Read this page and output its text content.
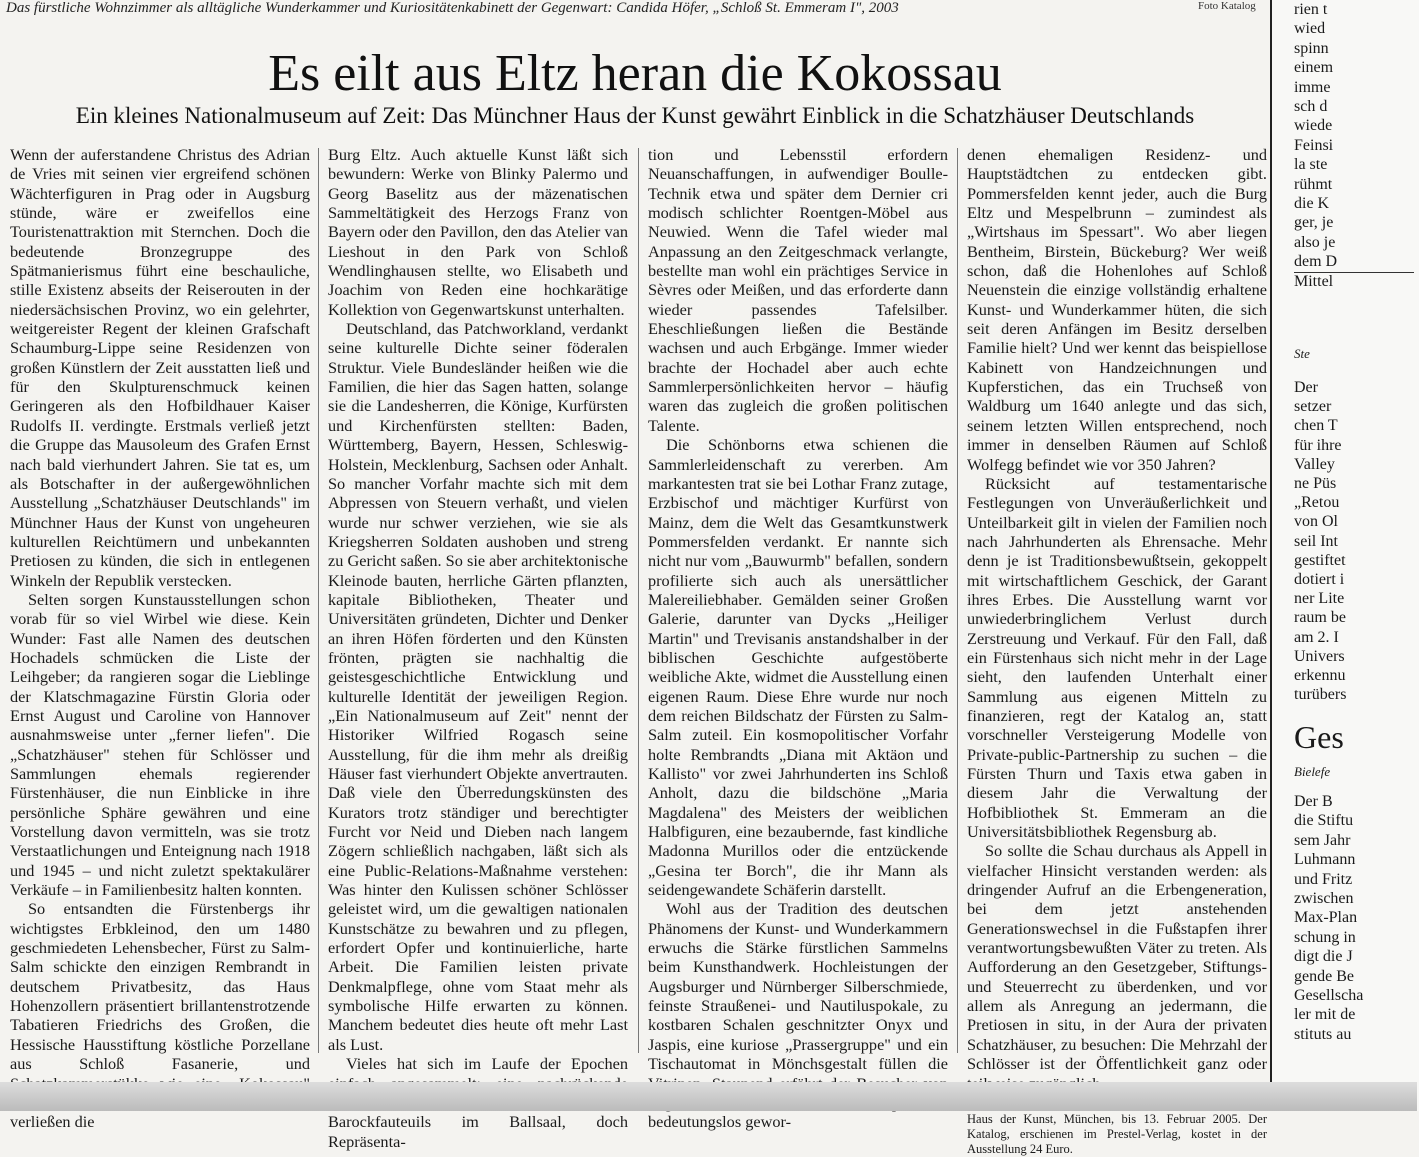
Das fürstliche Wohnzimmer als alltägliche Wunderkammer und Kuriositätenkabinett der Gegenwart: Candida Höfer, „Schloß St. Emmeram I", 2003	Foto Katalog
Es eilt aus Eltz heran die Kokossau
Ein kleines Nationalmuseum auf Zeit: Das Münchner Haus der Kunst gewährt Einblick in die Schatzhäuser Deutschlands

Wenn der auferstandene Christus des Adrian de Vries mit seinen vier ergreifend schönen Wächterfiguren in Prag oder in Augsburg stünde, wäre er zweifellos eine Touristenattraktion mit Sternchen. Doch die bedeutende Bronzegruppe des Spätmanierismus führt eine beschauliche, stille Existenz abseits der Reiserouten in der niedersächsischen Provinz, wo ein gelehrter, weitgereister Regent der kleinen Grafschaft Schaumburg-Lippe seine Residenzen von großen Künstlern der Zeit ausstatten ließ und für den Skulpturenschmuck keinen Geringeren als den Hofbildhauer Kaiser Rudolfs II. verdingte. Erstmals verließ jetzt die Gruppe das Mausoleum des Grafen Ernst nach bald vierhundert Jahren. Sie tat es, um als Botschafter in der außergewöhnlichen Ausstellung „Schatzhäuser Deutschlands" im Münchner Haus der Kunst von ungeheuren kulturellen Reichtümern und unbekannten Pretiosen zu künden, die sich in entlegenen Winkeln der Republik verstecken.

Selten sorgen Kunstausstellungen schon vorab für so viel Wirbel wie diese. Kein Wunder: Fast alle Namen des deutschen Hochadels schmücken die Liste der Leihgeber; da rangieren sogar die Lieblinge der Klatschmagazine Fürstin Gloria oder Ernst August und Caroline von Hannover ausnahmsweise unter „ferner liefen". Die „Schatzhäuser" stehen für Schlösser und Sammlungen ehemals regierender Fürstenhäuser, die nun Einblicke in ihre persönliche Sphäre gewähren und eine Vorstellung davon vermitteln, was sie trotz Verstaatlichungen und Enteignung nach 1918 und 1945 – und nicht zuletzt spektakulärer Verkäufe – in Familienbesitz halten konnten.

So entsandten die Fürstenbergs ihr wichtigstes Erbkleinod, den um 1480 geschmiedeten Lehensbecher, Fürst zu Salm-Salm schickte den einzigen Rembrandt in deutschem Privatbesitz, das Haus Hohenzollern präsentiert brillantenstrotzende Tabatieren Friedrichs des Großen, die Hessische Hausstiftung köstliche Porzellane aus Schloß Fasanerie, und verließen die

Burg Eltz. Auch aktuelle Kunst läßt sich bewundern: Werke von Blinky Palermo und Georg Baselitz aus der mäzenatischen Sammeltätigkeit des Herzogs Franz von Bayern oder den Pavillon, den das Atelier van Lieshout in den Park von Schloß Wendlinghausen stellte, wo Elisabeth und Joachim von Reden eine hochkarätige Kollektion von Gegenwartskunst unterhalten.

Deutschland, das Patchworkland, verdankt seine kulturelle Dichte seiner föderalen Struktur. Viele Bundesländer heißen wie die Familien, die hier das Sagen hatten, solange sie die Landesherren, die Könige, Kurfürsten und Kirchenfürsten stellten: Baden, Württemberg, Bayern, Hessen, Schleswig-Holstein, Mecklenburg, Sachsen oder Anhalt. So mancher Vorfahr machte sich mit dem Abpressen von Steuern verhaßt, und vielen wurde nur schwer verziehen, wie sie als Kriegsherren Soldaten aushoben und streng zu Gericht saßen. So sie aber architektonische Kleinode bauten, herrliche Gärten pflanzten, kapitale Bibliotheken, Theater und Universitäten gründeten, Dichter und Denker an ihren Höfen förderten und den Künsten frönten, prägten sie nachhaltig die geistesgeschichtliche Entwicklung und kulturelle Identität der jeweiligen Region. „Ein Nationalmuseum auf Zeit" nennt der Historiker Wilfried Rogasch seine Ausstellung, für die ihm mehr als dreißig Häuser fast vierhundert Objekte anvertrauten. Daß viele den Überredungskünsten des Kurators trotz ständiger und berechtigter Furcht vor Neid und Dieben nach langem Zögern schließlich nachgaben, läßt sich als eine Public-Relations-Maßnahme verstehen: Was hinter den Kulissen schöner Schlösser geleistet wird, um die gewaltigen nationalen Kunstschätze zu bewahren und zu pflegen, erfordert Opfer und kontinuierliche, harte Arbeit. Die Familien leisten private Denkmalpflege, ohne vom Staat mehr als symbolische Hilfe erwarten zu können. Manchem bedeutet dies heute oft mehr Last als Lust.

Vieles hat sich im Laufe der Epochen Barockfauteuils im Ballsaal, doch Repräsenta-

tion und Lebensstil erfordern Neuanschaffungen, in aufwendiger Boulle-Technik etwa und später dem Dernier cri modisch schlichter Roentgen-Möbel aus Neuwied. Wenn die Tafel wieder mal Anpassung an den Zeitgeschmack verlangte, bestellte man wohl ein prächtiges Service in Sèvres oder Meißen, und das erforderte dann wieder passendes Tafelsilber. Eheschließungen ließen die Bestände wachsen und auch Erbgänge. Immer wieder brachte der Hochadel aber auch echte Sammlerpersönlichkeiten hervor – häufig waren das zugleich die großen politischen Talente.

Die Schönborns etwa schienen die Sammlerleidenschaft zu vererben. Am markantesten trat sie bei Lothar Franz zutage, Erzbischof und mächtiger Kurfürst von Mainz, dem die Welt das Gesamtkunstwerk Pommersfelden verdankt. Er nannte sich nicht nur vom „Bauwurmb" befallen, sondern profilierte sich auch als unersättlicher Malereiliebhaber. Gemälden seiner Großen Galerie, darunter van Dycks „Heiliger Martin" und Trevisanis anstandshalber in der biblischen Geschichte aufgestöberte weibliche Akte, widmet die Ausstellung einen eigenen Raum. Diese Ehre wurde nur noch dem reichen Bildschatz der Fürsten zu Salm-Salm zuteil. Ein kosmopolitischer Vorfahr holte Rembrandts „Diana mit Aktäon und Kallisto" vor zwei Jahrhunderten ins Schloß Anholt, dazu die bildschöne „Maria Magdalena" des Meisters der weiblichen Halbfiguren, eine bezaubernde, fast kindliche Madonna Murillos oder die entzückende „Gesina ter Borch", die ihr Mann als seidengewandete Schäferin darstellt.

Wohl aus der Tradition des deutschen Phänomens der Kunst- und Wunderkammern erwuchs die Stärke fürstlichen Sammelns beim Kunsthandwerk. Hochleistungen der Augsburger und Nürnberger Silberschmiede, feinste Straußenei- und Nautiluspokale, zu kostbaren Schalen geschnitzter Onyx und Jaspis, eine kuriose „Prassergruppe" und ein Tischautomat in Mönchsgestalt füllen die bedeutungslos gewor-

denen ehemaligen Residenz- und Hauptstädtchen zu entdecken gibt. Pommersfelden kennt jeder, auch die Burg Eltz und Mespelbrunn – zumindest als „Wirtshaus im Spessart". Wo aber liegen Bentheim, Birstein, Bückeburg? Wer weiß schon, daß die Hohenlohes auf Schloß Neuenstein die einzige vollständig erhaltene Kunst- und Wunderkammer hüten, die sich seit deren Anfängen im Besitz derselben Familie hielt? Und wer kennt das beispiellose Kabinett von Handzeichnungen und Kupferstichen, das ein Truchseß von Waldburg um 1640 anlegte und das sich, seinem letzten Willen entsprechend, noch immer in denselben Räumen auf Schloß Wolfegg befindet wie vor 350 Jahren?

Rücksicht auf testamentarische Festlegungen von Unveräußerlichkeit und Unteilbarkeit gilt in vielen der Familien noch nach Jahrhunderten als Ehrensache. Mehr denn je ist Traditionsbewußtsein, gekoppelt mit wirtschaftlichem Geschick, der Garant ihres Erbes. Die Ausstellung warnt vor unwiederbringlichem Verlust durch Zerstreuung und Verkauf. Für den Fall, daß ein Fürstenhaus sich nicht mehr in der Lage sieht, den laufenden Unterhalt einer Sammlung aus eigenen Mitteln zu finanzieren, regt der Katalog an, statt vorschneller Versteigerung Modelle von Private-public-Partnership zu suchen – die Fürsten Thurn und Taxis etwa gaben in diesem Jahr die Verwaltung der Hofbibliothek St. Emmeram an die Universitätsbibliothek Regensburg ab.

So sollte die Schau durchaus als Appell in vielfacher Hinsicht verstanden werden: als dringender Aufruf an die Erbengeneration, bei dem jetzt anstehenden Generationswechsel in die Fußstapfen ihrer verantwortungsbewußten Väter zu treten. Als Aufforderung an den Gesetzgeber, Stiftungs- und Steuerrecht zu überdenken, und vor allem als Anregung an jedermann, die Pretiosen in situ, in der Aura der privaten Schatzhäuser, zu besuchen: Die Mehrzahl der Schlösser ist der Öffentlichkeit ganz oder

Haus der Kunst, München, bis 13. Februar 2005. Der Katalog, erschienen im Prestel-Verlag, kostet in der Ausstellung 24 Euro.

rien t
wied
spinn
einem
imme
sch d
wiede
Feinsi
la ste
rühmt
die K
ger, je
also je
dem D
Mittel
Ste
Der
setzer
chen T
für ihre
Valley
ne Püs
„Retou
von Ol
seil Int
gestiftet
dotiert i
ner Lite
raum be
am 2. I
Univers
erkennu
turübers
Ges
Bielefe
Der B
die Stiftu
sem Jahr
Luhmann
und Fritz
zwischen
Max-Plan
schung in
digt die J
gende Be
Gesellscha
ler mit de
stituts au
